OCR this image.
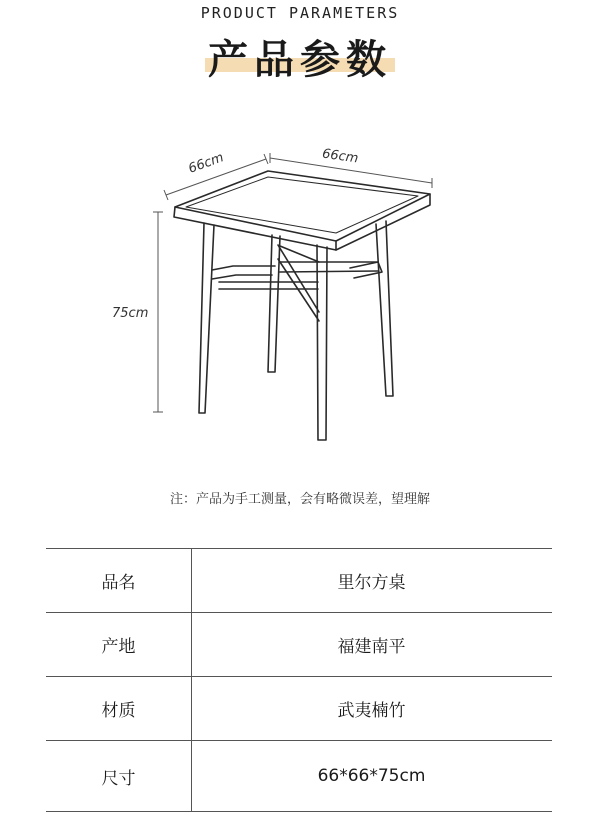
PRODUCT PARAMETERS
产品参数
66cm	66cm
75cm
注：产品为手工测量，会有略微误差，望理解
品名	里尔方桌
产地	福建南平
材质	武夷楠竹
尺寸	66*66*75cm
